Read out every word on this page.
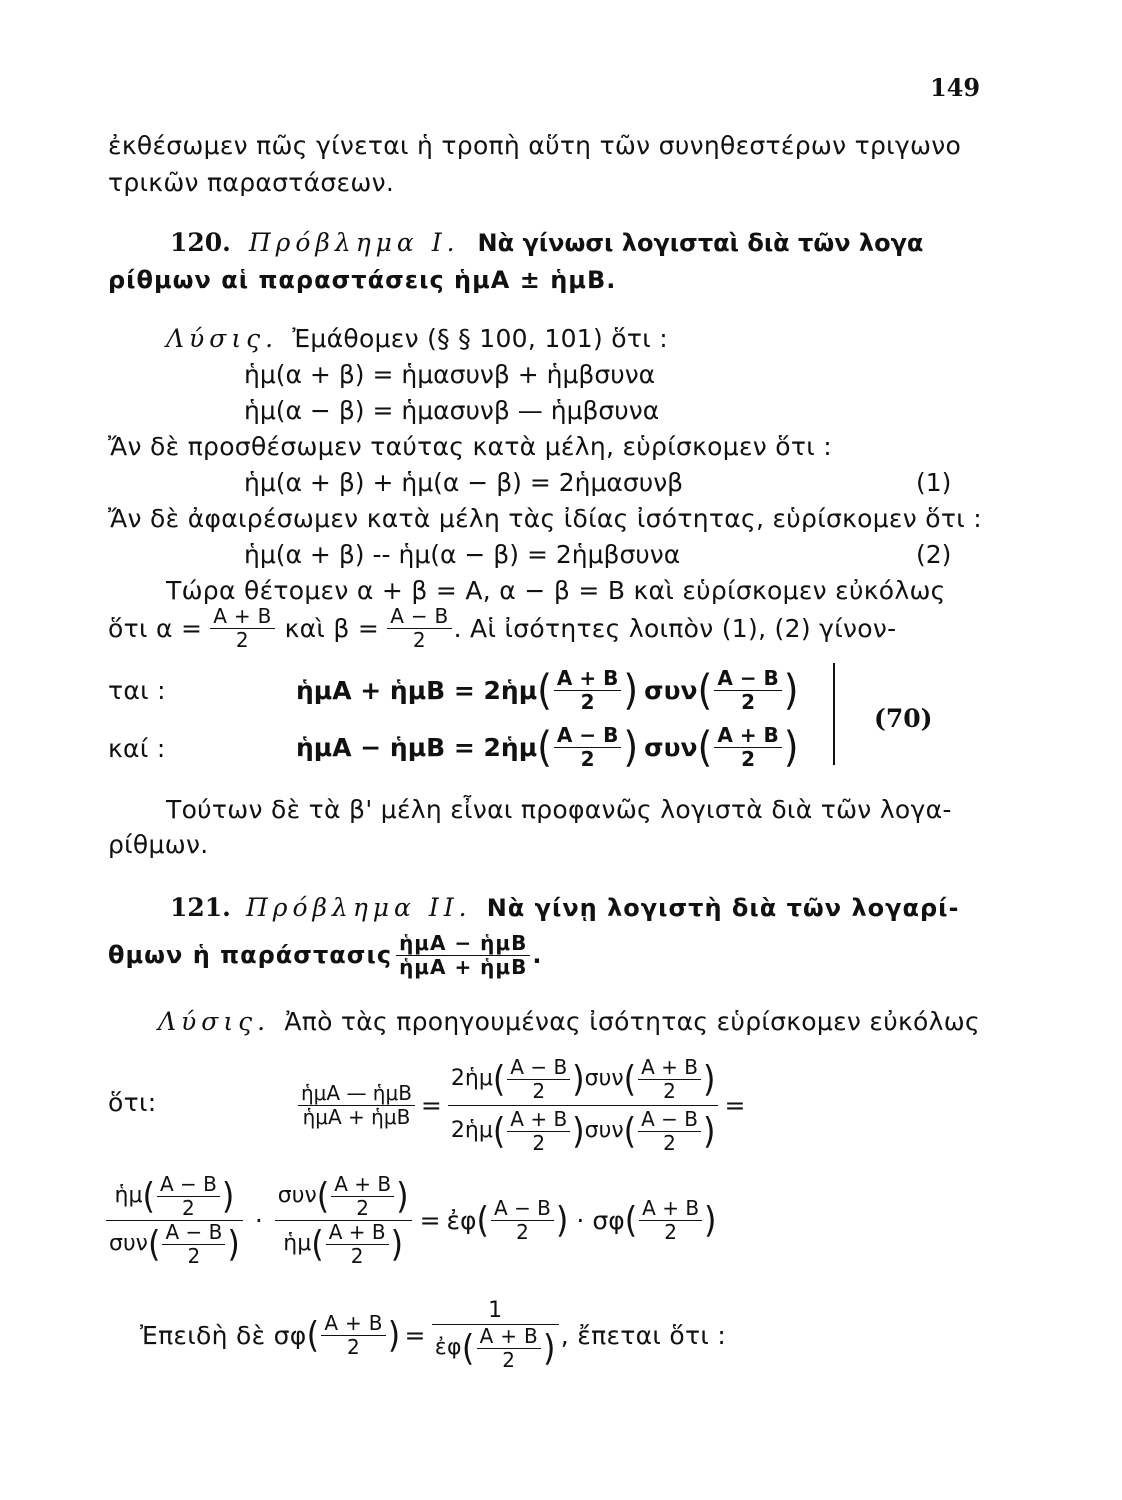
149
ἐκθέσωμεν πῶς γίνεται ἡ τροπὴ αὕτη τῶν συνηθεστέρων τριγωνο
τρικῶν παραστάσεων.
120. Πρόβλημα I. Νὰ γίνωσι λογισταὶ διὰ τῶν λογα
ρίθμων αἱ παραστάσεις ἡμΑ ± ἡμΒ.
Λύσις. Ἐμάθομεν (§ § 100, 101) ὅτι :
ἡμ(α + β) = ἡμασυνβ + ἡμβσυνα
ἡμ(α − β) = ἡμασυνβ — ἡμβσυνα
Ἄν δὲ προσθέσωμεν ταύτας κατὰ μέλη, εὑρίσκομεν ὅτι :
ἡμ(α + β) + ἡμ(α − β) = 2ἡμασυνβ	(1)
Ἄν δὲ ἀφαιρέσωμεν κατὰ μέλη τὰς ἰδίας ἰσότητας, εὑρίσκομεν ὅτι :
ἡμ(α + β) -- ἡμ(α − β) = 2ἡμβσυνα	(2)
Τώρα θέτομεν α + β = Α, α − β = Β καὶ εὑρίσκομεν εὐκόλως
ὅτι $\alpha = \frac{A + B}{2}$ καὶ $\beta = \frac{A - B}{2}$ . Αἱ ἰσότητες λοιπὸν (1), (2) γίνον-
ται :
καί :
ἡμΑ + ἡμΒ = 2ἡμ ( $\frac{A + B}{2}$ ) συν ( $\frac{A - B}{2}$ )
ἡμΑ − ἡμΒ = 2ἡμ ( $\frac{A - B}{2}$ ) συν ( $\frac{A + B}{2}$ )
(70)
Τούτων δὲ τὰ β' μέλη εἶναι προφανῶς λογιστὰ διὰ τῶν λογα-
ρίθμων.
121. Πρόβλημα II. Νὰ γίνῃ λογιστὴ διὰ τῶν λογαρί-
θμων ἡ παράστασις $\frac{\text{ἡμΑ − ἡμΒ}}{\text{ἡμΑ + ἡμΒ}}$ .
Λύσις. Ἀπὸ τὰς προηγουμένας ἰσότητας εὑρίσκομεν εὐκόλως
ὅτι:	$\frac{\text{ἡμΑ — ἡμΒ}}{\text{ἡμΑ + ἡμΒ}}$ =
2ἡμ ( $\frac{A - B}{2}$ ) συν ( $\frac{A + B}{2}$ )
2ἡμ ( $\frac{A + B}{2}$ ) συν ( $\frac{A - B}{2}$ )
=
$\frac{ἡ\mu ( \frac{A - B}{2} )}{\sigma\upsilon\nu ( \frac{A - B}{2} )} \cdot \frac{\sigma\upsilon\nu ( \frac{A + B}{2} )}{ἡ\mu ( \frac{A + B}{2} )}$ = ἐφ ( $\frac{A - B}{2}$ ) · σφ ( $\frac{A + B}{2}$ )
Ἐπειδὴ δὲ σφ ( $\frac{A + B}{2}$ ) = $\frac{1}{ἐ\varphi ( \frac{A + B}{2} )}$ , ἔπεται ὅτι :
